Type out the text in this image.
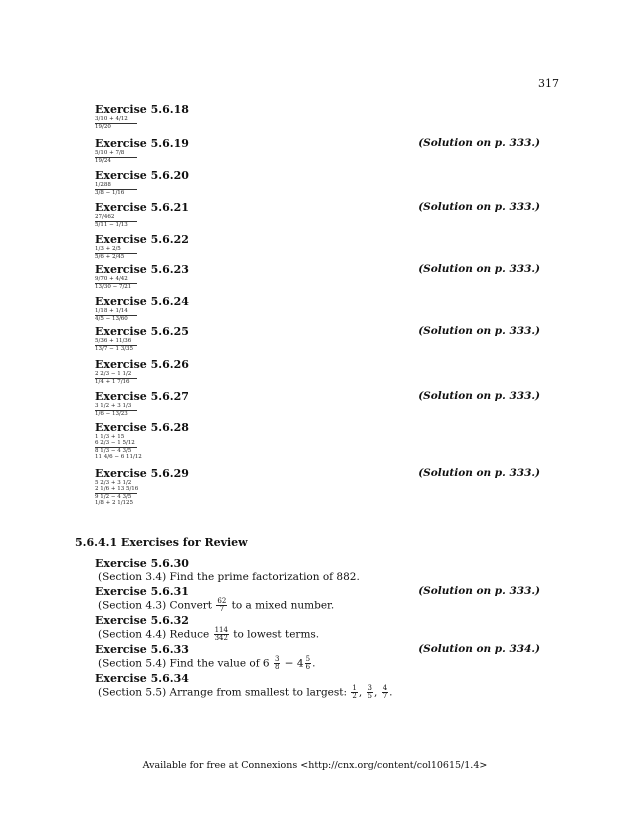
317
Exercise 5.6.18
3/10 + 4/12
19/20
Exercise 5.6.19	(Solution on p. 333.)
5/10 + 7/8
19/24
Exercise 5.6.20
1/288
3/8 − 1/16
Exercise 5.6.21	(Solution on p. 333.)
27/462
5/11 − 1/13
Exercise 5.6.22
1/3 + 2/5
5/6 + 2/45
Exercise 5.6.23	(Solution on p. 333.)
9/70 + 4/42
13/30 − 7/21
Exercise 5.6.24
1/18 + 1/14
4/5 − 13/60
Exercise 5.6.25	(Solution on p. 333.)
5/36 + 11/36
13/7 − 1 3/35
Exercise 5.6.26
2 2/3 − 1 1/2
1/4 + 1 7/16
Exercise 5.6.27	(Solution on p. 333.)
3 1/2 + 3 1/3
1/6 − 13/23
Exercise 5.6.28
1 1/3 + 15
6 2/3 − 1 5/12
8 1/3 − 4 3/5
11 4/6 − 6 11/12
Exercise 5.6.29	(Solution on p. 333.)
5 2/3 + 3 1/2
2 1/6 + 13 5/16
9 1/2 − 4 3/5
1/8 + 2 1/125
5.6.4.1 Exercises for Review
Exercise 5.6.30
(Section 3.4) Find the prime factorization of 882.
Exercise 5.6.31	(Solution on p. 333.)
(Section 4.3) Convert $\frac{62}{7}$ to a mixed number.
Exercise 5.6.32
(Section 4.4) Reduce $\frac{114}{342}$ to lowest terms.
Exercise 5.6.33	(Solution on p. 334.)
(Section 5.4) Find the value of $6 \frac{3}{8} - 4 \frac{5}{6}$ .
Exercise 5.6.34
(Section 5.5) Arrange from smallest to largest: $\frac{1}{2}$ , $\frac{3}{5}$ , $\frac{4}{7}$ .
Available for free at Connexions <http://cnx.org/content/col10615/1.4>
